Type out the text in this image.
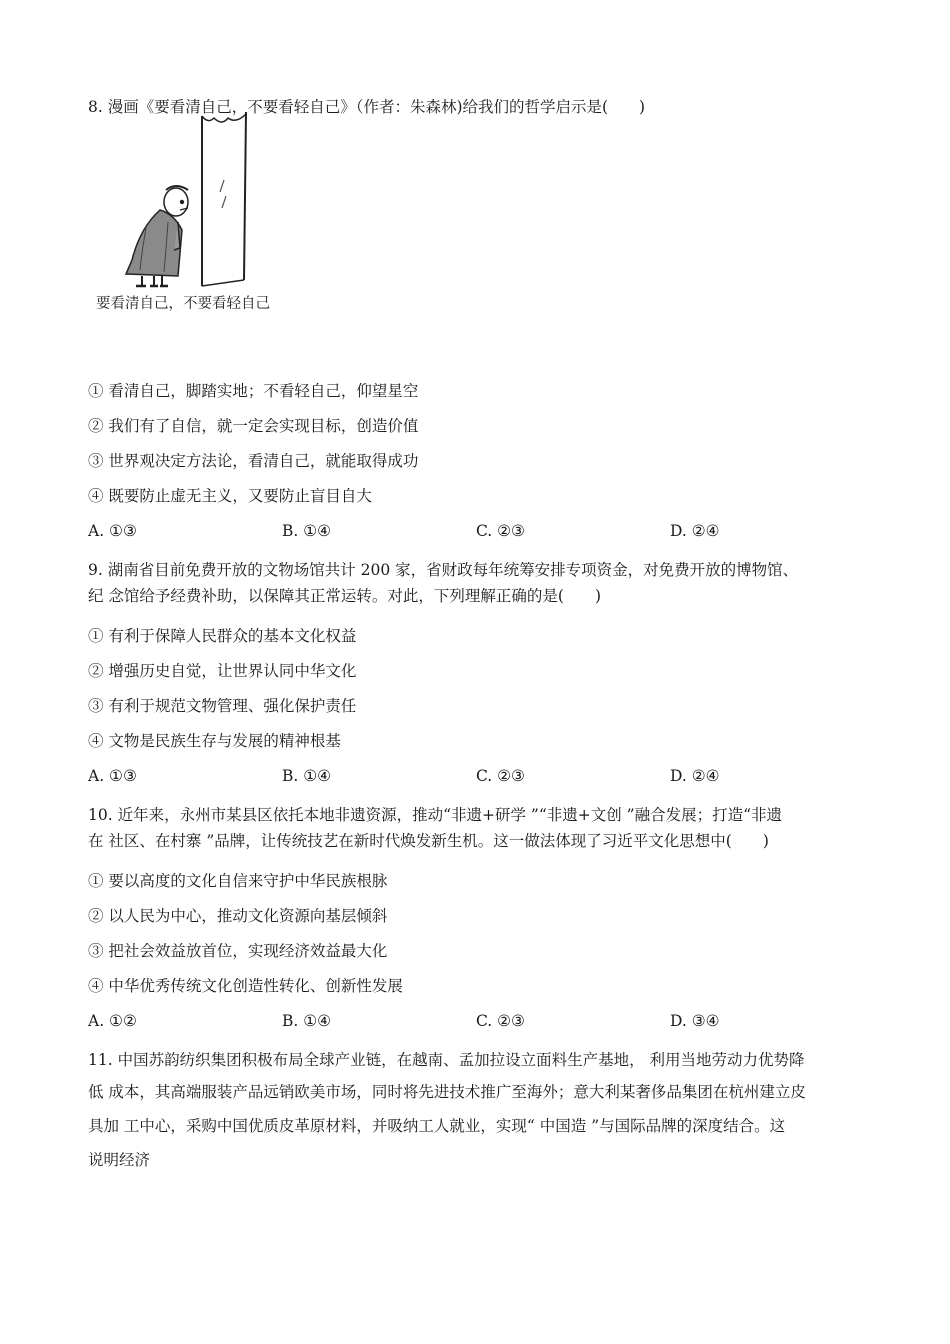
8. 漫画《要看清自己，不要看轻自己》（作者：朱森林)给我们的哲学启示是(　　)
要看清自己，不要看轻自己
① 看清自己，脚踏实地；不看轻自己，仰望星空
② 我们有了自信，就一定会实现目标，创造价值
③ 世界观决定方法论，看清自己，就能取得成功
④ 既要防止虚无主义，又要防止盲目自大
A. ①③	B. ①④	C. ②③	D. ②④
9. 湖南省目前免费开放的文物场馆共计 200 家，省财政每年统筹安排专项资金，对免费开放的博物馆、
纪 念馆给予经费补助，以保障其正常运转。对此，下列理解正确的是(　　)
① 有利于保障人民群众的基本文化权益
② 增强历史自觉，让世界认同中华文化
③ 有利于规范文物管理、强化保护责任
④ 文物是民族生存与发展的精神根基
A. ①③	B. ①④	C. ②③	D. ②④
10. 近年来，永州市某县区依托本地非遗资源，推动“非遗+研学 ”“非遗+文创 ”融合发展；打造“非遗
在 社区、在村寨 ”品牌，让传统技艺在新时代焕发新生机。这一做法体现了习近平文化思想中(　　)
① 要以高度的文化自信来守护中华民族根脉
② 以人民为中心，推动文化资源向基层倾斜
③ 把社会效益放首位，实现经济效益最大化
④ 中华优秀传统文化创造性转化、创新性发展
A. ①②	B. ①④	C. ②③	D. ③④
11. 中国苏韵纺织集团积极布局全球产业链，在越南、孟加拉设立面料生产基地， 利用当地劳动力优势降
低 成本，其高端服装产品远销欧美市场，同时将先进技术推广至海外；意大利某奢侈品集团在杭州建立皮
具加 工中心，采购中国优质皮革原材料，并吸纳工人就业，实现“ 中国造 ”与国际品牌的深度结合。这
说明经济
